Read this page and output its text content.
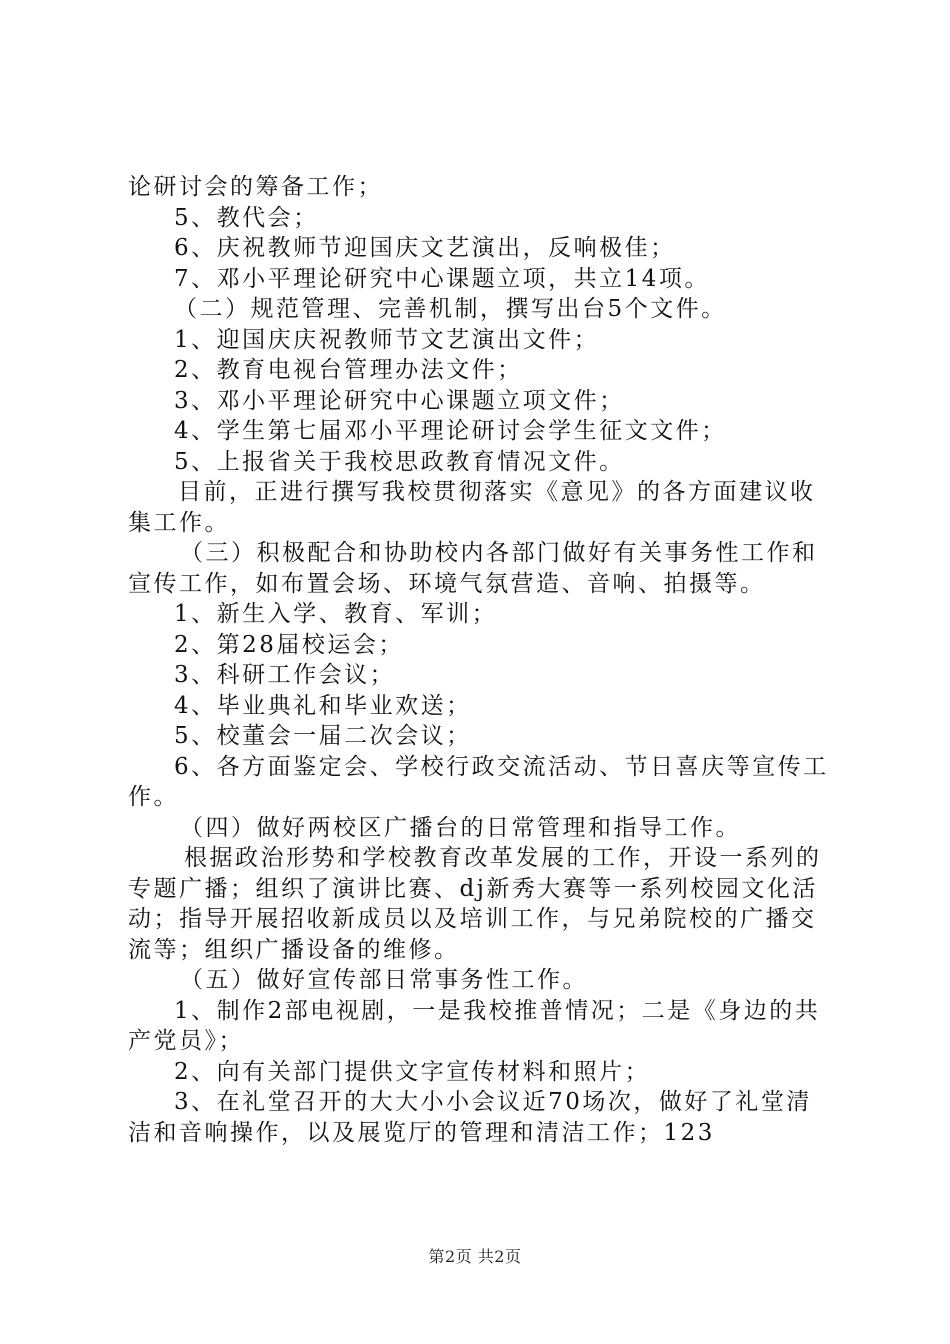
论研讨会的筹备工作；
5、教代会；
6、庆祝教师节迎国庆文艺演出，反响极佳；
7、邓小平理论研究中心课题立项，共立14项。
（二）规范管理、完善机制，撰写出台5个文件。
1、迎国庆庆祝教师节文艺演出文件；
2、教育电视台管理办法文件；
3、邓小平理论研究中心课题立项文件；
4、学生第七届邓小平理论研讨会学生征文文件；
5、上报省关于我校思政教育情况文件。
目前，正进行撰写我校贯彻落实《意见》的各方面建议收
集工作。
（三）积极配合和协助校内各部门做好有关事务性工作和
宣传工作，如布置会场、环境气氛营造、音响、拍摄等。
1、新生入学、教育、军训；
2、第28届校运会；
3、科研工作会议；
4、毕业典礼和毕业欢送；
5、校董会一届二次会议；
6、各方面鉴定会、学校行政交流活动、节日喜庆等宣传工
作。
（四）做好两校区广播台的日常管理和指导工作。
根据政治形势和学校教育改革发展的工作，开设一系列的
专题广播；组织了演讲比赛、dj新秀大赛等一系列校园文化活
动；指导开展招收新成员以及培训工作，与兄弟院校的广播交
流等；组织广播设备的维修。
（五）做好宣传部日常事务性工作。
1、制作2部电视剧，一是我校推普情况；二是《身边的共
产党员》；
2、向有关部门提供文字宣传材料和照片；
3、在礼堂召开的大大小小会议近70场次，做好了礼堂清
洁和音响操作，以及展览厅的管理和清洁工作；123
第2页 共2页
